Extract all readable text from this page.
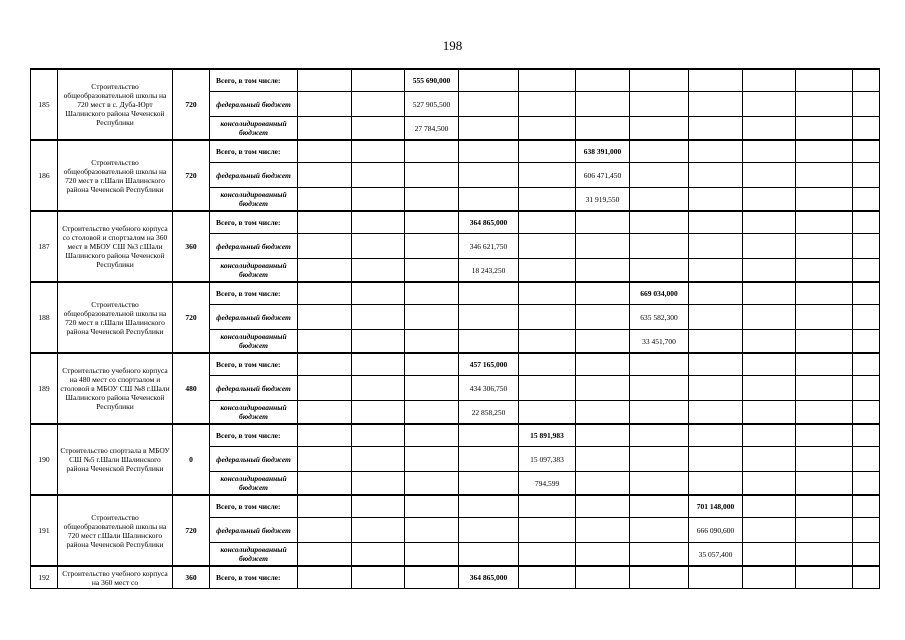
198
185	Строительство общеобразовательной школы на 720 мест в с. Дуба-Юрт Шалинского района Чеченской Республики	720	Всего, в том числе:			555 690,000								
			федеральный бюджет			527 905,500								
			консолидированный бюджет			27 784,500								
186	Строительство общеобразовательной школы на 720 мест в г.Шали Шалинского района Чеченской Республики	720	Всего, в том числе:						638 391,000					
			федеральный бюджет						606 471,450					
			консолидированный бюджет						31 919,550					
187	Строительство учебного корпуса со столовой и спортзалом на 360 мест в МБОУ СШ №3 г.Шали Шалинского района Чеченской Республики	360	Всего, в том числе:				364 865,000							
			федеральный бюджет				346 621,750							
			консолидированный бюджет				18 243,250							
188	Строительство общеобразовательной школы на 720 мест в г.Шали Шалинского района Чеченской Республики	720	Всего, в том числе:							669 034,000				
			федеральный бюджет							635 582,300				
			консолидированный бюджет							33 451,700				
189	Строительство учебного корпуса на 480 мест со спортзалом и столовой в МБОУ СШ №8 г.Шали Шалинского района Чеченской Республики	480	Всего, в том числе:				457 165,000							
			федеральный бюджет				434 306,750							
			консолидированный бюджет				22 858,250							
190	Строительство спортзала в МБОУ СШ №5 г.Шали Шалинского района Чеченской Республики	0	Всего, в том числе:					15 891,983						
			федеральный бюджет					15 097,383						
			консолидированный бюджет					794,599						
191	Строительство общеобразовательной школы на 720 мест г.Шали Шалинского района Чеченской Республики	720	Всего, в том числе:								701 148,000			
			федеральный бюджет								666 090,600			
			консолидированный бюджет								35 057,400			
192	Строительство учебного корпуса на 360 мест со	360	Всего, в том числе:				364 865,000							
